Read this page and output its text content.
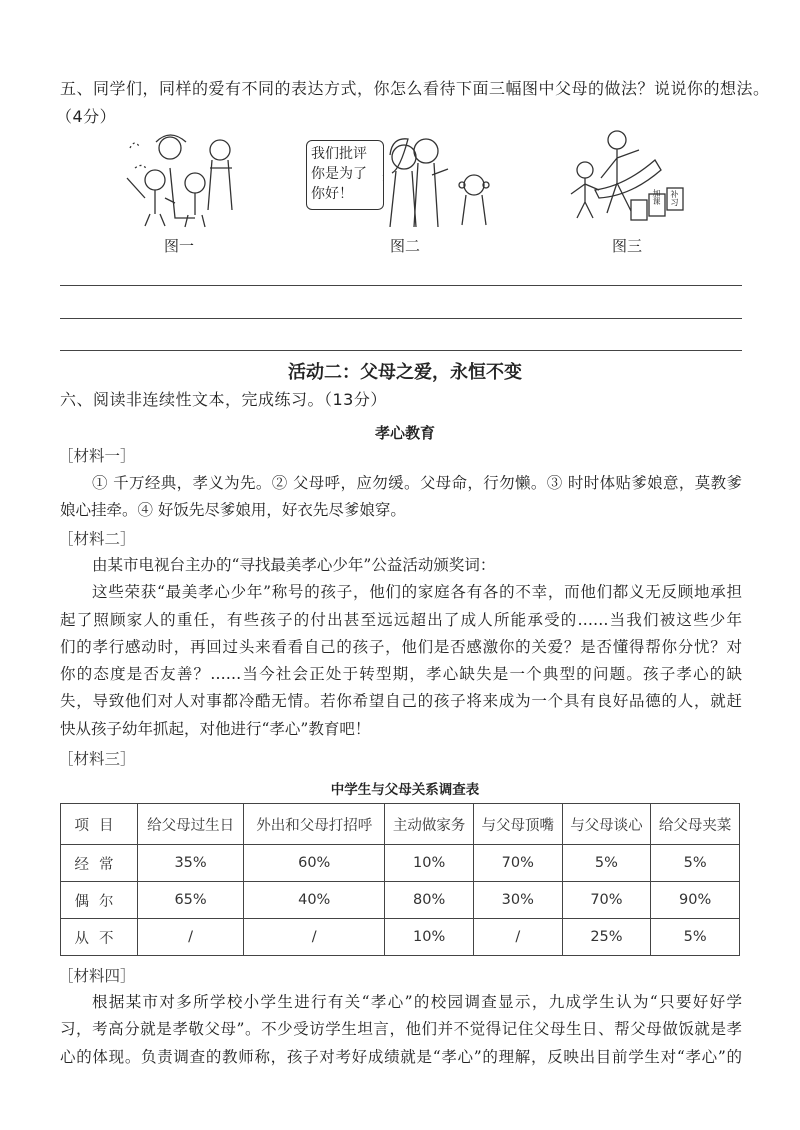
五、同学们，同样的爱有不同的表达方式，你怎么看待下面三幅图中父母的做法？说说你的想法。
（4分）
图一
我们批评
你是为了
你好！
图二
加课 补习
图三
活动二：父母之爱，永恒不变
六、阅读非连续性文本，完成练习。（13分）
孝心教育
［材料一］
① 千万经典，孝义为先。② 父母呼，应勿缓。父母命，行勿懒。③ 时时体贴爹娘意，莫教爹
娘心挂牵。④ 好饭先尽爹娘用，好衣先尽爹娘穿。
［材料二］
由某市电视台主办的“寻找最美孝心少年”公益活动颁奖词：
这些荣获“最美孝心少年”称号的孩子，他们的家庭各有各的不幸，而他们都义无反顾地承担
起了照顾家人的重任，有些孩子的付出甚至远远超出了成人所能承受的……当我们被这些少年
们的孝行感动时，再回过头来看看自己的孩子，他们是否感激你的关爱？是否懂得帮你分忧？对
你的态度是否友善？……当今社会正处于转型期，孝心缺失是一个典型的问题。孩子孝心的缺
失，导致他们对人对事都冷酷无情。若你希望自己的孩子将来成为一个具有良好品德的人，就赶
快从孩子幼年抓起，对他进行“孝心”教育吧！
［材料三］
中学生与父母关系调查表
项目	给父母过生日	外出和父母打招呼	主动做家务	与父母顶嘴	与父母谈心	给父母夹菜
经常	35%	60%	10%	70%	5%	5%
偶尔	65%	40%	80%	30%	70%	90%
从不	/	/	10%	/	25%	5%
［材料四］
根据某市对多所学校小学生进行有关“孝心”的校园调查显示，九成学生认为“只要好好学
习，考高分就是孝敬父母”。不少受访学生坦言，他们并不觉得记住父母生日、帮父母做饭就是孝
心的体现。负责调查的教师称，孩子对考好成绩就是“孝心”的理解，反映出目前学生对“孝心”的
